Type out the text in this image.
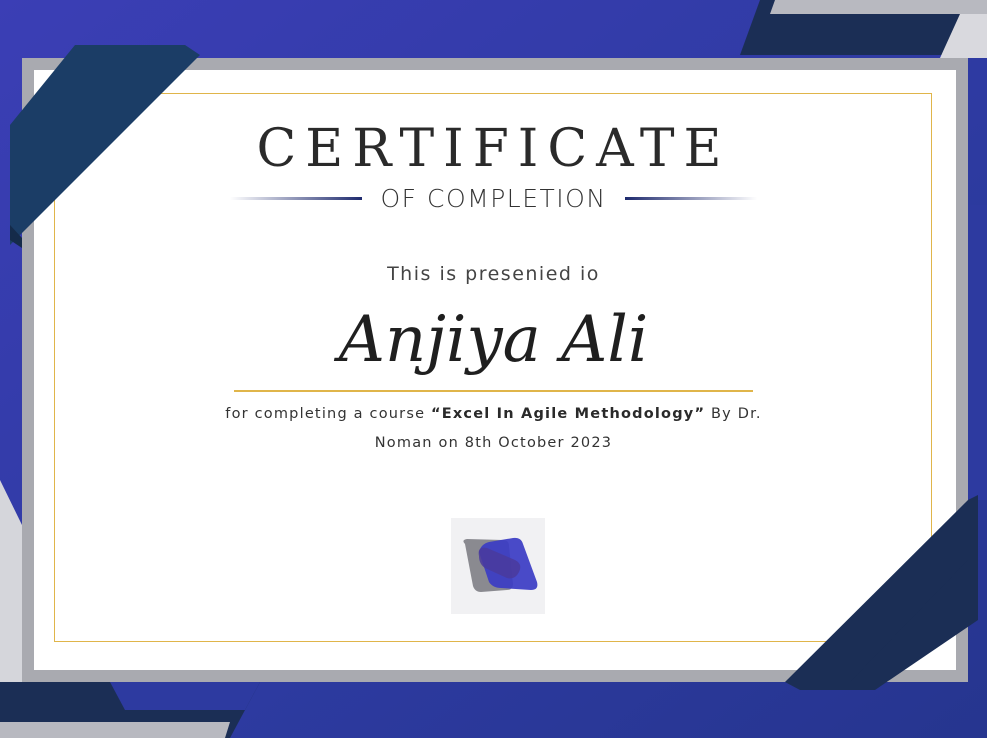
CERTIFICATE
OF COMPLETION
This is presenied io
Anjiya Ali
for completing a course “Excel In Agile Methodology” By Dr.
Noman on 8th October 2023
